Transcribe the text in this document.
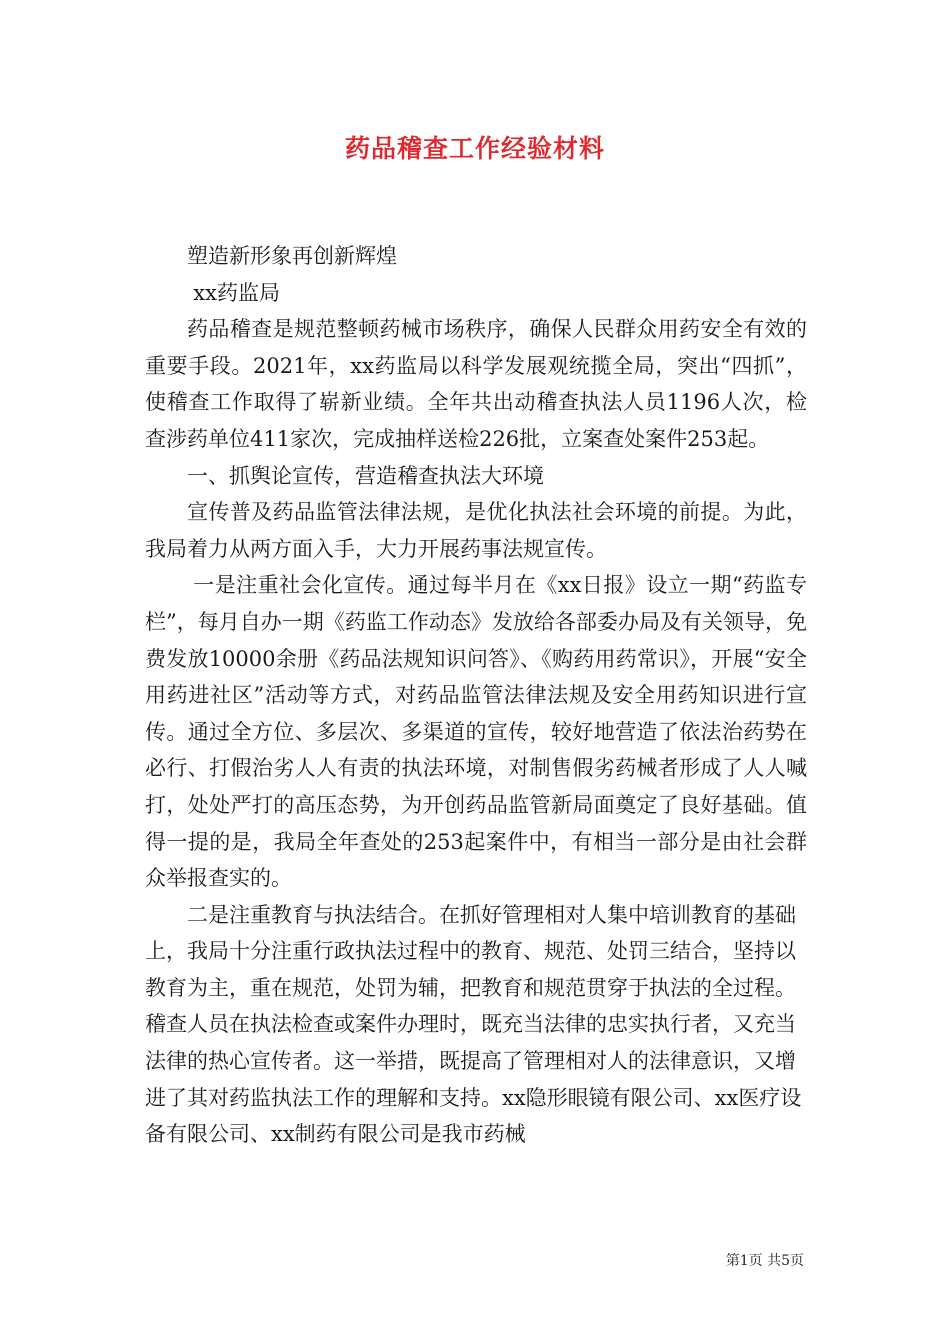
药品稽查工作经验材料

塑造新形象再创新辉煌

xx药监局

药品稽查是规范整顿药械市场秩序，确保人民群众用药安全有效的重要手段。2021年，xx药监局以科学发展观统揽全局，突出“四抓”，使稽查工作取得了崭新业绩。全年共出动稽查执法人员1196人次，检查涉药单位411家次，完成抽样送检226批，立案查处案件253起。

一、抓舆论宣传，营造稽查执法大环境

宣传普及药品监管法律法规，是优化执法社会环境的前提。为此，我局着力从两方面入手，大力开展药事法规宣传。

一是注重社会化宣传。通过每半月在《xx日报》设立一期“药监专栏”，每月自办一期《药监工作动态》发放给各部委办局及有关领导，免费发放10000余册《药品法规知识问答》、《购药用药常识》，开展“安全用药进社区”活动等方式，对药品监管法律法规及安全用药知识进行宣传。通过全方位、多层次、多渠道的宣传，较好地营造了依法治药势在必行、打假治劣人人有责的执法环境，对制售假劣药械者形成了人人喊打，处处严打的高压态势，为开创药品监管新局面奠定了良好基础。值得一提的是，我局全年查处的253起案件中，有相当一部分是由社会群众举报查实的。

二是注重教育与执法结合。在抓好管理相对人集中培训教育的基础上，我局十分注重行政执法过程中的教育、规范、处罚三结合，坚持以教育为主，重在规范，处罚为辅，把教育和规范贯穿于执法的全过程。稽查人员在执法检查或案件办理时，既充当法律的忠实执行者，又充当法律的热心宣传者。这一举措，既提高了管理相对人的法律意识，又增进了其对药监执法工作的理解和支持。xx隐形眼镜有限公司、xx医疗设备有限公司、xx制药有限公司是我市药械

第1页 共5页
